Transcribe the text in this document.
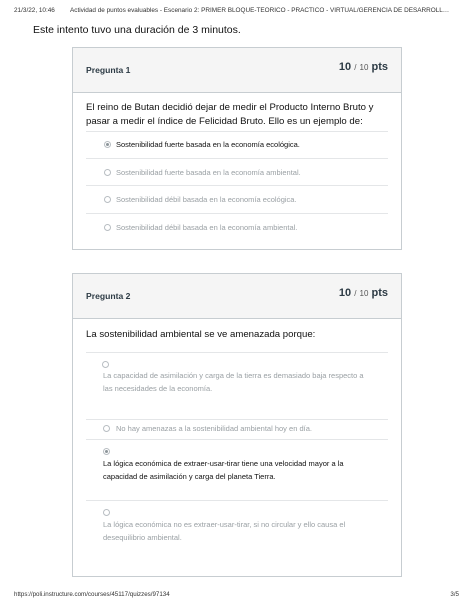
21/3/22, 10:46	Actividad de puntos evaluables - Escenario 2: PRIMER BLOQUE-TEORICO - PRACTICO - VIRTUAL/GERENCIA DE DESARROLL…
Este intento tuvo una duración de 3 minutos.
Pregunta 1	10 / 10 pts
El reino de Butan decidió dejar de medir el Producto Interno Bruto y pasar a medir el índice de Felicidad Bruto. Ello es un ejemplo de:
Sostenibilidad fuerte basada en la economía ecológica.
Sostenibilidad fuerte basada en la economía ambiental.
Sostenibilidad débil basada en la economía ecológica.
Sostenibilidad débil basada en la economía ambiental.
Pregunta 2	10 / 10 pts
La sostenibilidad ambiental se ve amenazada porque:
La capacidad de asimilación y carga de la tierra es demasiado baja respecto a las necesidades de la economía.
No hay amenazas a la sostenibilidad ambiental hoy en día.
La lógica económica de extraer-usar-tirar tiene una velocidad mayor a la capacidad de asimilación y carga del planeta Tierra.
La lógica económica no es extraer-usar-tirar, si no circular y ello causa el desequilibrio ambiental.
https://poli.instructure.com/courses/45117/quizzes/97134	3/5
